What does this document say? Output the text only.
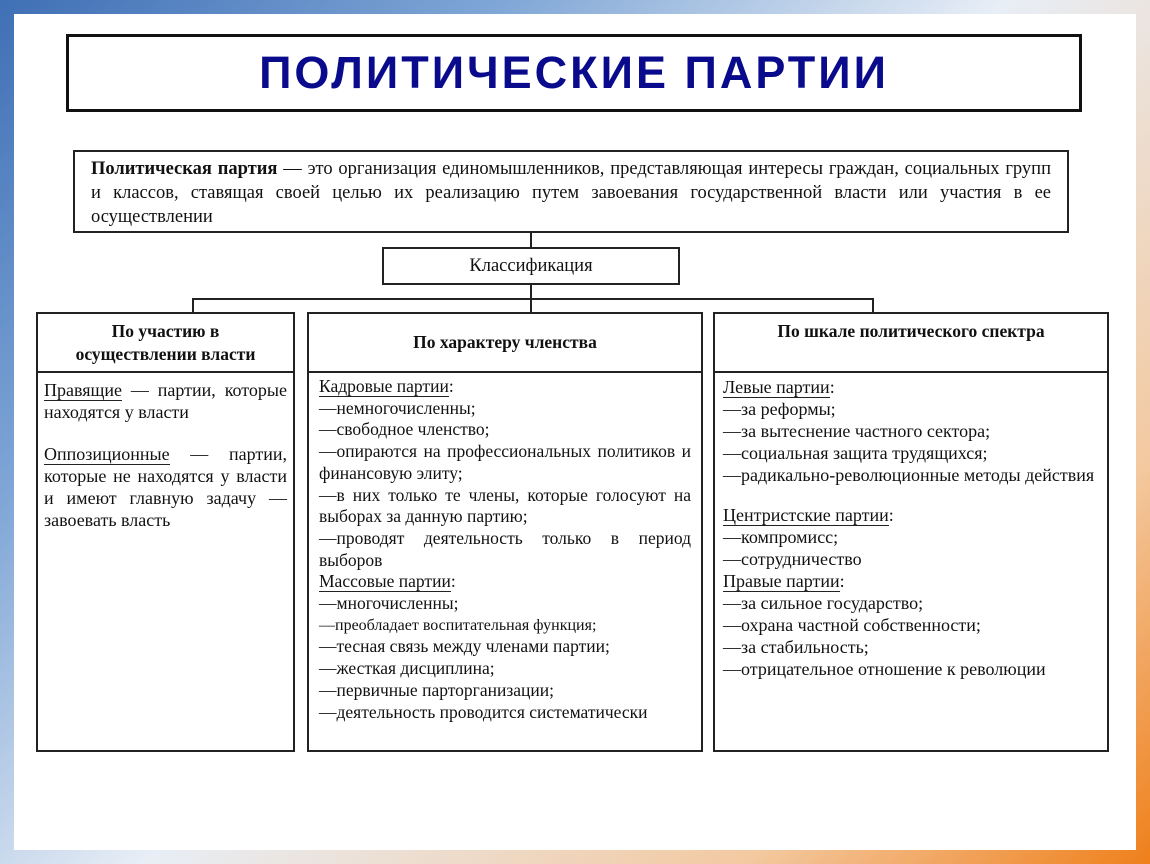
ПОЛИТИЧЕСКИЕ ПАРТИИ
Политическая партия — это организация единомышленников, представляющая интересы граждан, социальных групп и классов, ставящая своей целью их реализацию путем завоевания государственной власти или участия в ее осуществлении
Классификация
По участию в осуществлении власти
Правящие — партии, которые находятся у власти
Оппозиционные — партии, которые не находятся у власти и имеют главную задачу — завоевать власть
По характеру членства
Кадровые партии:
—немногочисленны;
—свободное членство;
—опираются на профессиональных политиков и финансовую элиту;
—в них только те члены, которые голосуют на выборах за данную партию;
—проводят деятельность только в период выборов
Массовые партии:
—многочисленны;
—преобладает воспитательная функция;
—тесная связь между членами партии;
—жесткая дисциплина;
—первичные парторганизации;
—деятельность проводится систематически
По шкале политического спектра
Левые партии:
—за реформы;
—за вытеснение частного сектора;
—социальная защита трудящихся;
—радикально-революционные методы действия
Центристские партии:
—компромисс;
—сотрудничество
Правые партии:
—за сильное государство;
—охрана частной собственности;
—за стабильность;
—отрицательное отношение к революции
